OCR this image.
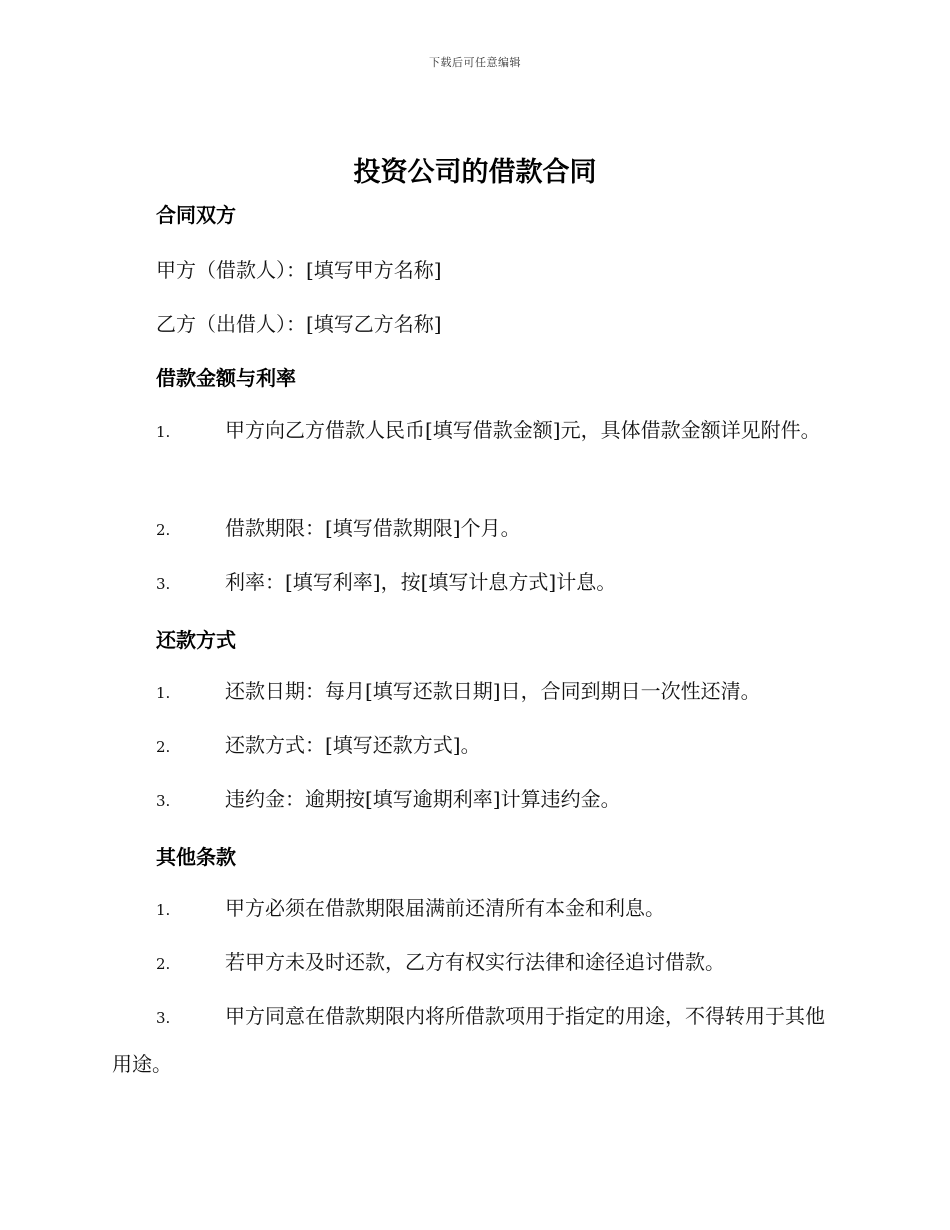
下载后可任意编辑
投资公司的借款合同
合同双方
甲方（借款人）：[填写甲方名称]
乙方（出借人）：[填写乙方名称]
借款金额与利率
1.	甲方向乙方借款人民币[填写借款金额]元，具体借款金额详见附件。
2.	借款期限：[填写借款期限]个月。
3.	利率：[填写利率]，按[填写计息方式]计息。
还款方式
1.	还款日期：每月[填写还款日期]日，合同到期日一次性还清。
2.	还款方式：[填写还款方式]。
3.	违约金：逾期按[填写逾期利率]计算违约金。
其他条款
1.	甲方必须在借款期限届满前还清所有本金和利息。
2.	若甲方未及时还款，乙方有权实行法律和途径追讨借款。
3.	甲方同意在借款期限内将所借款项用于指定的用途，不得转用于其他用途。
